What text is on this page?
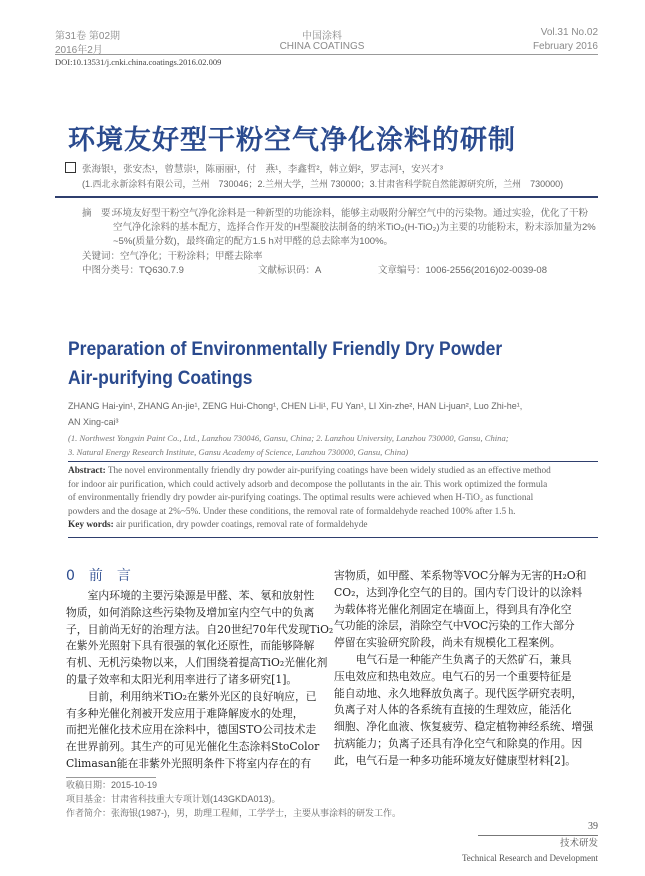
第31卷 第02期
2016年2月
中国涂料
CHINA COATINGS
Vol.31 No.02
February 2016
DOI:10.13531/j.cnki.china.coatings.2016.02.009
环境友好型干粉空气净化涂料的研制
张海银¹，张安杰¹，曾慧崇¹，陈丽丽¹，付　燕¹，李鑫哲²，韩立娟²，罗志河¹，安兴才³
(1.西北永新涂料有限公司，兰州　730046；2.兰州大学，兰州 730000；3.甘肃省科学院自然能源研究所，兰州　730000)
摘　要：
环境友好型干粉空气净化涂料是一种新型的功能涂料，能够主动吸附分解空气中的污染物。通过实验，优化了干粉
空气净化涂料的基本配方，选择合作开发的H型凝胶法制备的纳米TiO₂(H-TiO₂)为主要的功能粉末，粉末添加量为2%
~5%(质量分数)，最终确定的配方1.5 h对甲醛的总去除率为100%。
关键词：空气净化；干粉涂料；甲醛去除率
中图分类号：TQ630.7.9	文献标识码：A	文章编号：1006-2556(2016)02-0039-08
Preparation of Environmentally Friendly Dry Powder
Air-purifying Coatings
ZHANG Hai-yin¹, ZHANG An-jie¹, ZENG Hui-Chong¹, CHEN Li-li¹, FU Yan¹, LI Xin-zhe², HAN Li-juan², Luo Zhi-he¹,
AN Xing-cai³
(1. Northwest Yongxin Paint Co., Ltd., Lanzhou 730046, Gansu, China; 2. Lanzhou University, Lanzhou 730000, Gansu, China;
3. Natural Energy Research Institute, Gansu Academy of Science, Lanzhou 730000, Gansu, China)
Abstract: The novel environmentally friendly dry powder air-purifying coatings have been widely studied as an effective method
for indoor air purification, which could actively adsorb and decompose the pollutants in the air. This work optimized the formula
of environmentally friendly dry powder air-purifying coatings. The optimal results were achieved when H-TiO₂ as functional
powders and the dosage at 2%~5%. Under these conditions, the removal rate of formaldehyde reached 100% after 1.5 h.
Key words: air purification, dry powder coatings, removal rate of formaldehyde
0　前　言
室内环境的主要污染源是甲醛、苯、氡和放射性
物质，如何消除这些污染物及增加室内空气中的负离
子，目前尚无好的治理方法。自20世纪70年代发现TiO₂
在紫外光照射下具有很强的氧化还原性，而能够降解
有机、无机污染物以来，人们围绕着提高TiO₂光催化剂
的量子效率和太阳光利用率进行了诸多研究[1]。
目前，利用纳米TiO₂在紫外光区的良好响应，已
有多种光催化剂被开发应用于难降解废水的处理，
而把光催化技术应用在涂料中，德国STO公司技术走
在世界前列。其生产的可见光催化生态涂料StoColor
Climasan能在非紫外光照明条件下将室内存在的有
害物质，如甲醛、苯系物等VOC分解为无害的H₂O和
CO₂，达到净化空气的目的。国内专门设计的以涂料
为载体将光催化剂固定在墙面上，得到具有净化空
气功能的涂层，消除空气中VOC污染的工作大部分
停留在实验研究阶段，尚未有规模化工程案例。
电气石是一种能产生负离子的天然矿石，兼具
压电效应和热电效应。电气石的另一个重要特征是
能自动地、永久地释放负离子。现代医学研究表明，
负离子对人体的各系统有直接的生理效应，能活化
细胞、净化血液、恢复疲劳、稳定植物神经系统、增强
抗病能力；负离子还具有净化空气和除臭的作用。因
此，电气石是一种多功能环境友好健康型材料[2]。
收稿日期：2015-10-19
项目基金：甘肃省科技重大专项计划(143GKDA013)。
作者简介：张海银(1987-)，男，助理工程师，工学学士，主要从事涂料的研发工作。
39
技术研发
Technical Research and Development
